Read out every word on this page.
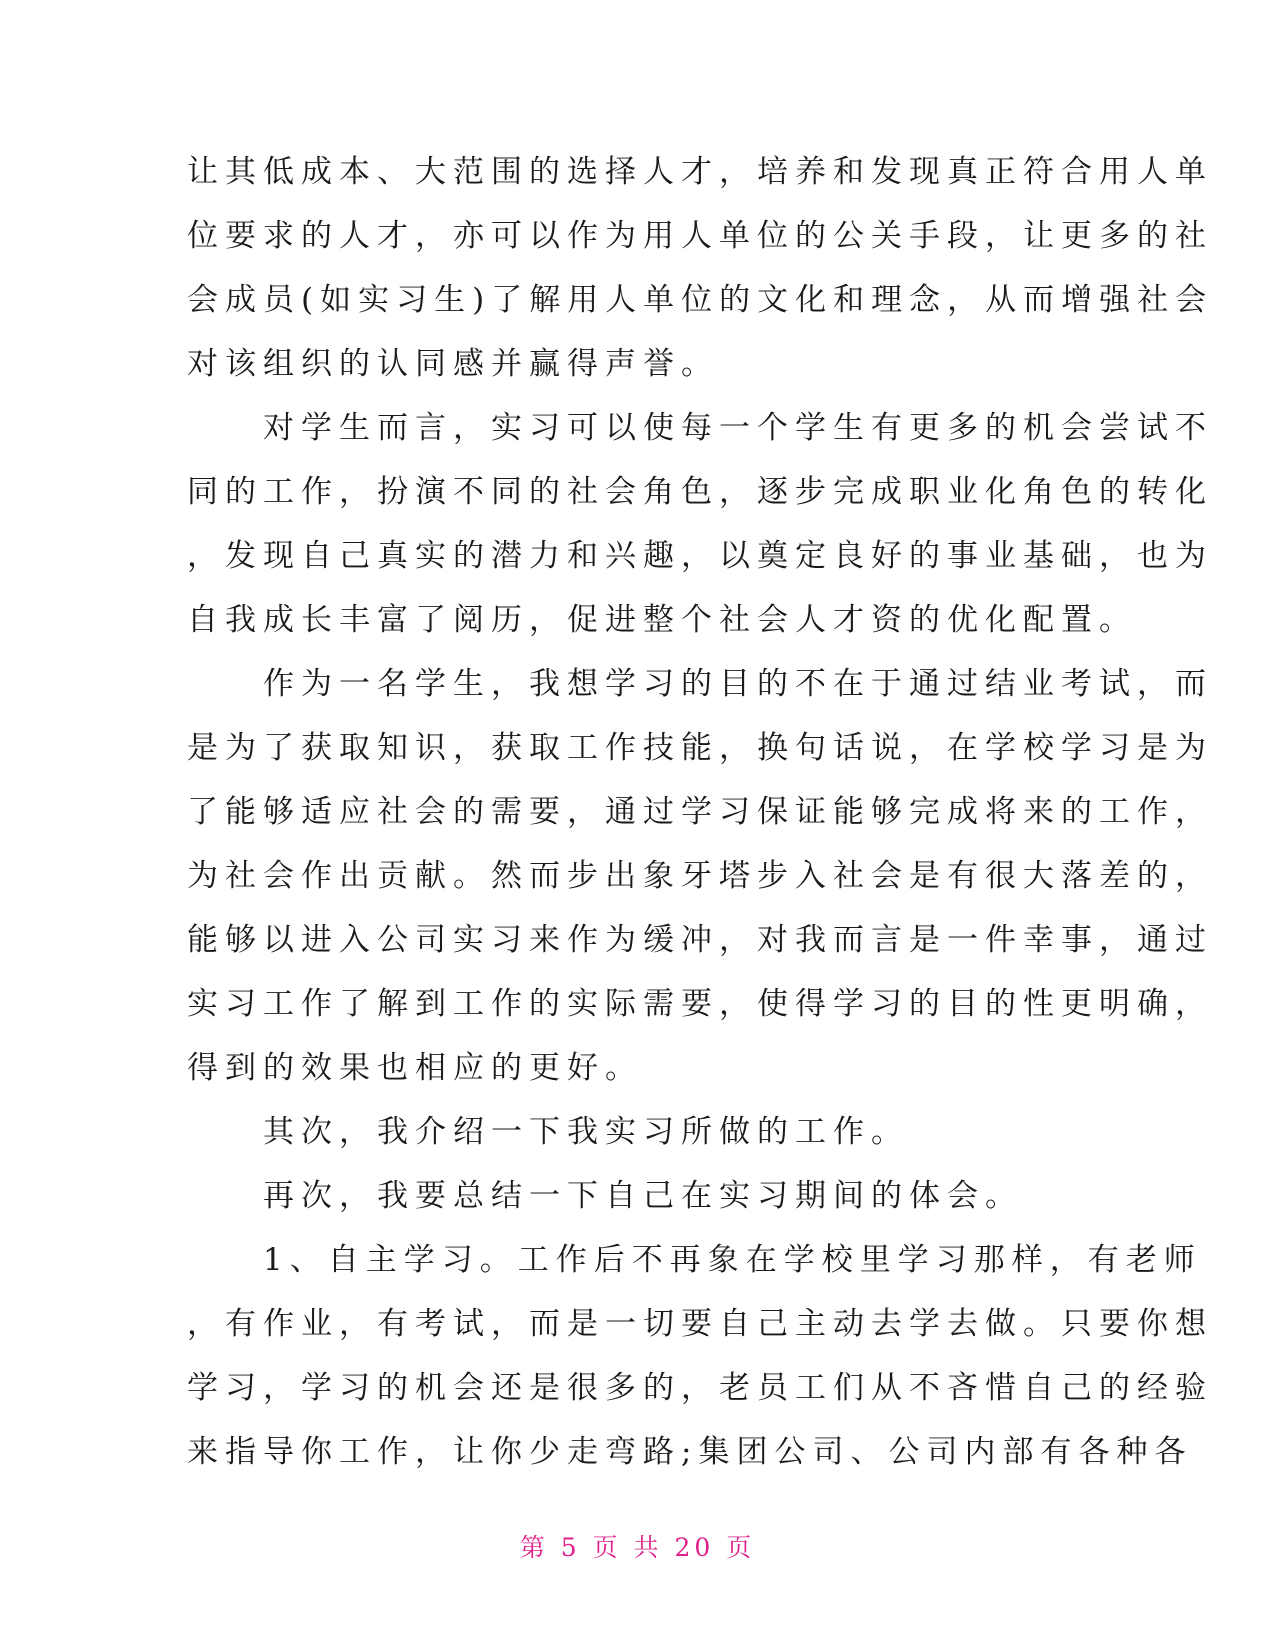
让其低成本、大范围的选择人才，培养和发现真正符合用人单
位要求的人才，亦可以作为用人单位的公关手段，让更多的社
会成员(如实习生)了解用人单位的文化和理念，从而增强社会
对该组织的认同感并赢得声誉。
　　对学生而言，实习可以使每一个学生有更多的机会尝试不
同的工作，扮演不同的社会角色，逐步完成职业化角色的转化
，发现自己真实的潜力和兴趣，以奠定良好的事业基础，也为
自我成长丰富了阅历，促进整个社会人才资的优化配置。
　　作为一名学生，我想学习的目的不在于通过结业考试，而
是为了获取知识，获取工作技能，换句话说，在学校学习是为
了能够适应社会的需要，通过学习保证能够完成将来的工作，
为社会作出贡献。然而步出象牙塔步入社会是有很大落差的，
能够以进入公司实习来作为缓冲，对我而言是一件幸事，通过
实习工作了解到工作的实际需要，使得学习的目的性更明确，
得到的效果也相应的更好。
　　其次，我介绍一下我实习所做的工作。
　　再次，我要总结一下自己在实习期间的体会。
　　1、自主学习。工作后不再象在学校里学习那样，有老师
，有作业，有考试，而是一切要自己主动去学去做。只要你想
学习，学习的机会还是很多的，老员工们从不吝惜自己的经验
来指导你工作，让你少走弯路;集团公司、公司内部有各种各
第 5 页 共 20 页
